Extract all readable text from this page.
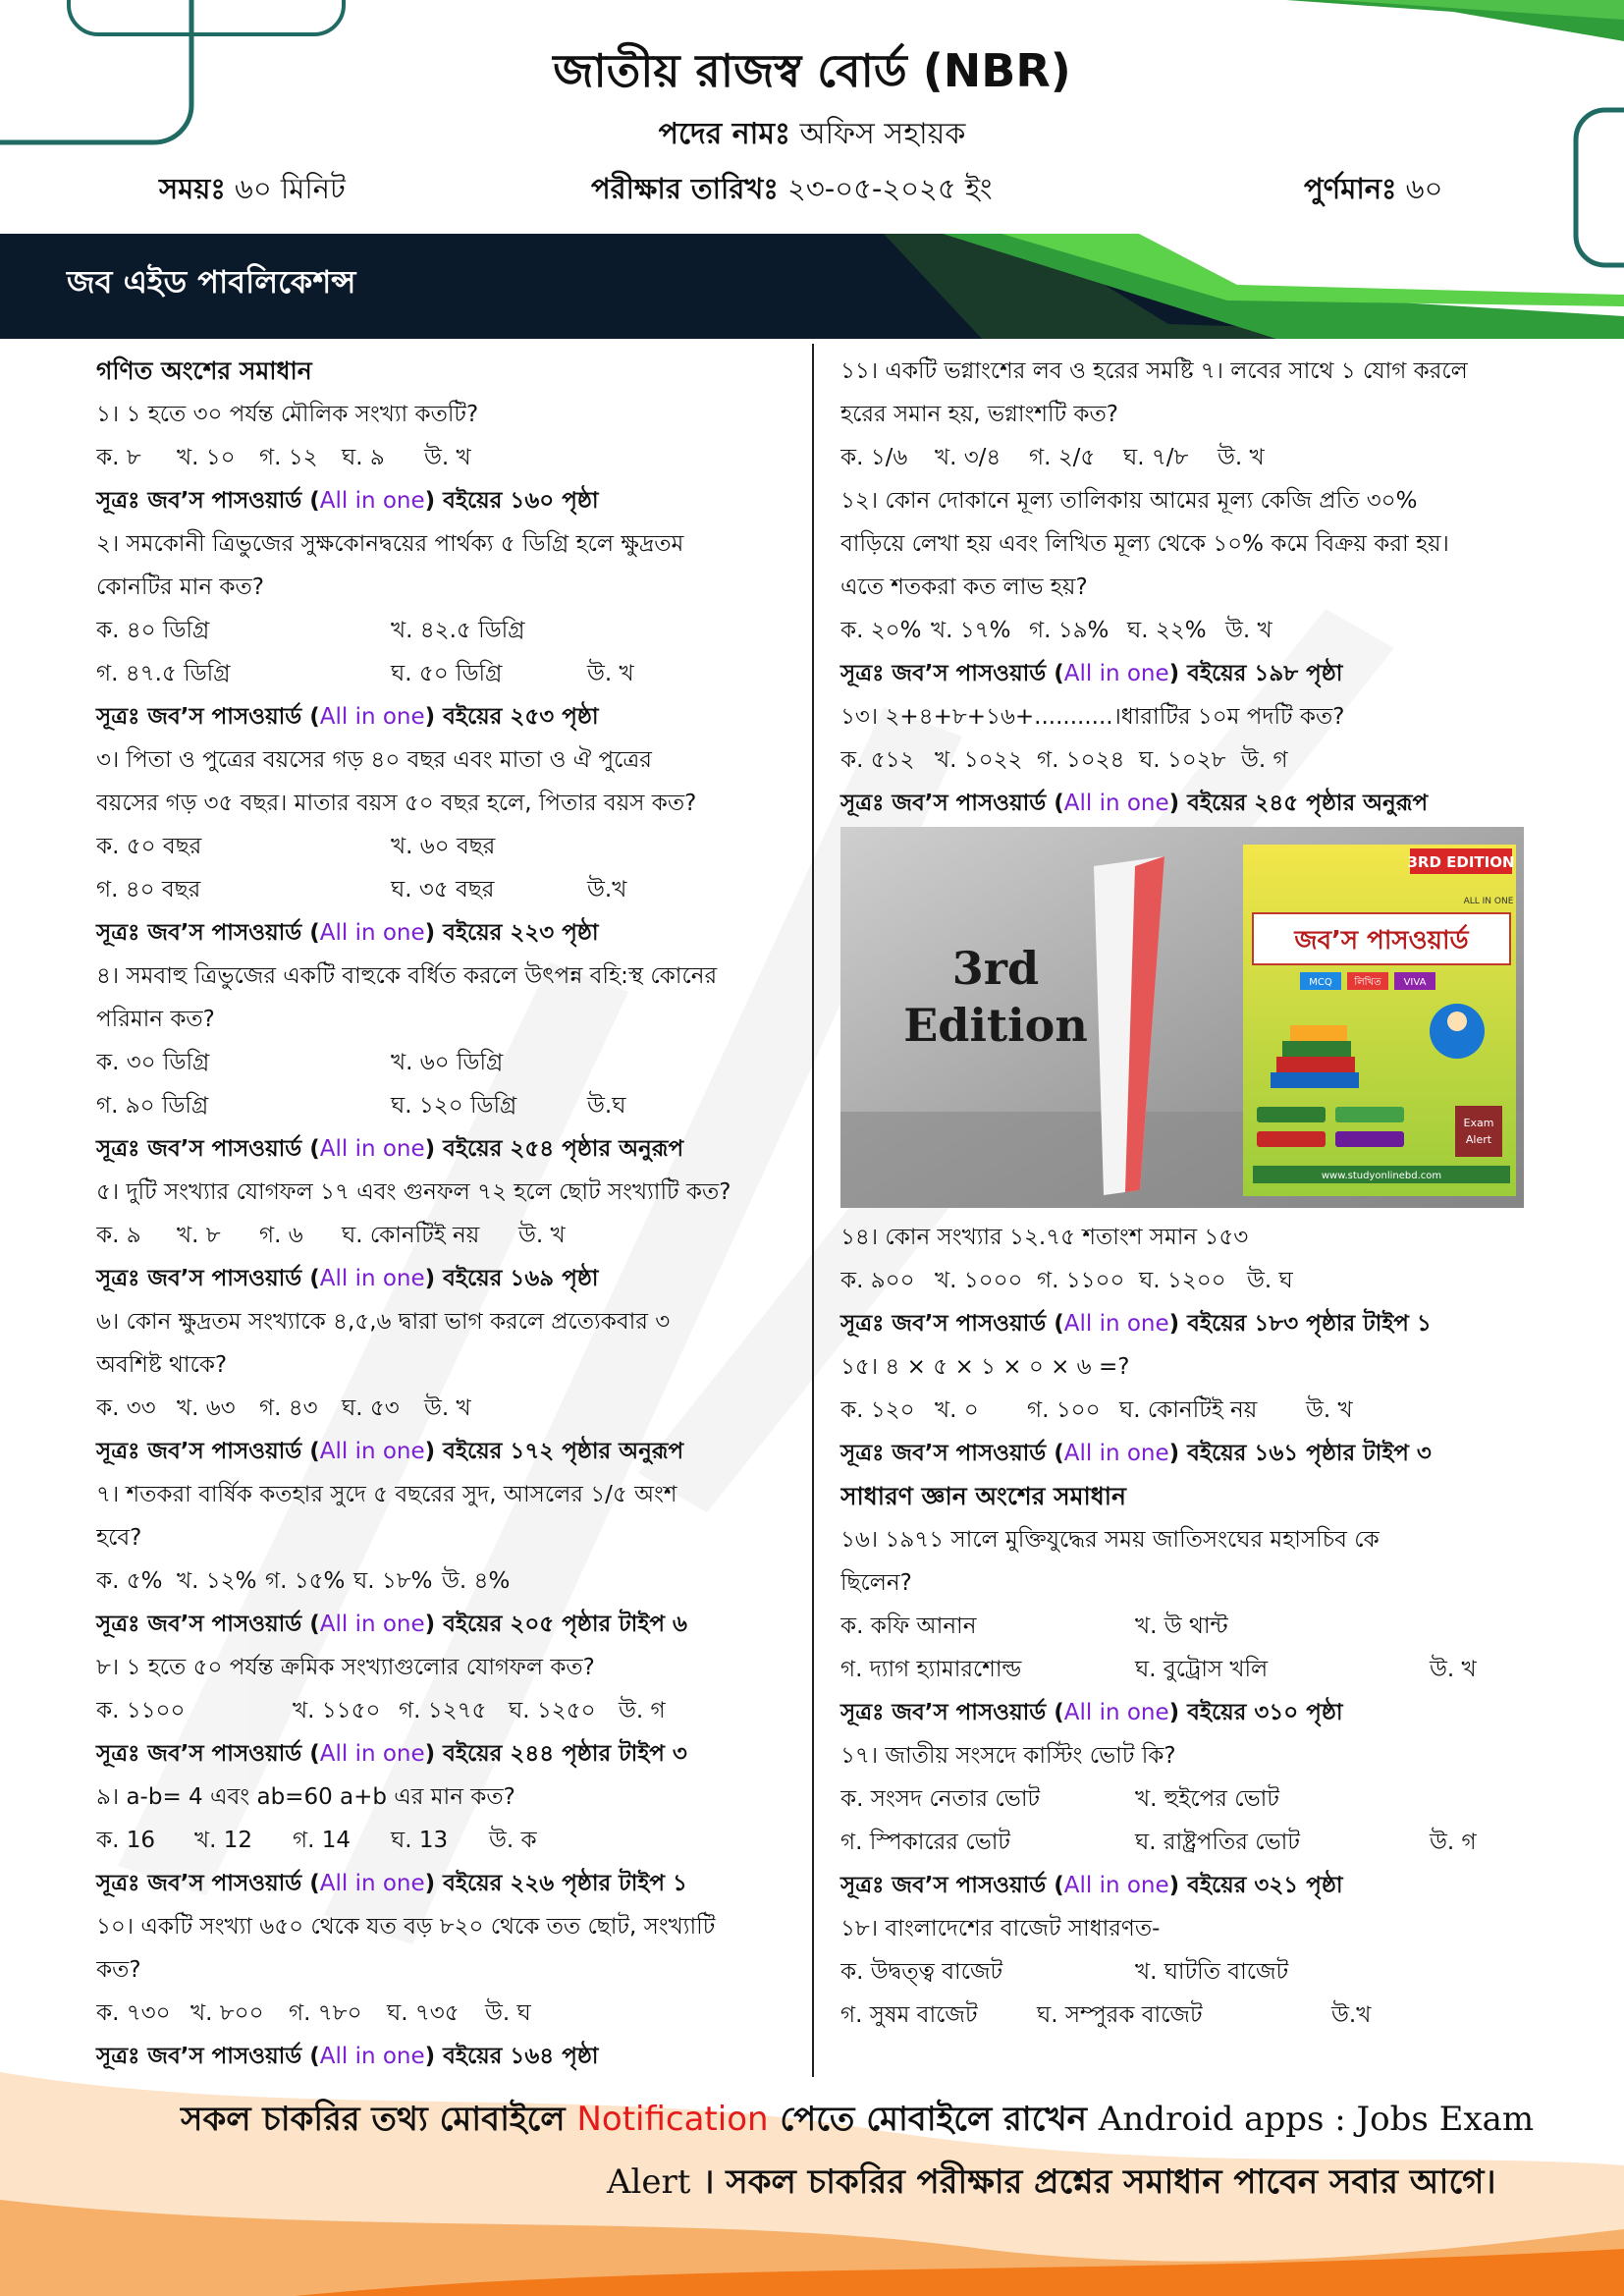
জাতীয় রাজস্ব বোর্ড (NBR)
পদের নামঃ অফিস সহায়ক
সময়ঃ ৬০ মিনিট	পরীক্ষার তারিখঃ ২৩-০৫-২০২৫ ইং	পুর্ণমানঃ ৬০
জব এইড পাবলিকেশন্স
গণিত অংশের সমাধান
১। ১ হতে ৩০ পর্যন্ত মৌলিক সংখ্যা কতটি?
ক. ৮ খ. ১০ গ. ১২ ঘ. ৯ উ. খ
সূত্রঃ জব’স পাসওয়ার্ড (All in one) বইয়ের ১৬০ পৃষ্ঠা
২। সমকোনী ত্রিভুজের সুক্ষকোনদ্বয়ের পার্থক্য ৫ ডিগ্রি হলে ক্ষুদ্রতম
কোনটির মান কত?
ক. ৪০ ডিগ্রি	খ. ৪২.৫ ডিগ্রি
গ. ৪৭.৫ ডিগ্রি	ঘ. ৫০ ডিগ্রি	উ. খ
সূত্রঃ জব’স পাসওয়ার্ড (All in one) বইয়ের ২৫৩ পৃষ্ঠা
৩। পিতা ও পুত্রের বয়সের গড় ৪০ বছর এবং মাতা ও ঐ পুত্রের
বয়সের গড় ৩৫ বছর। মাতার বয়স ৫০ বছর হলে, পিতার বয়স কত?
ক. ৫০ বছর	খ. ৬০ বছর
গ. ৪০ বছর	ঘ. ৩৫ বছর	উ.খ
সূত্রঃ জব’স পাসওয়ার্ড (All in one) বইয়ের ২২৩ পৃষ্ঠা
৪। সমবাহু ত্রিভুজের একটি বাহুকে বর্ধিত করলে উৎপন্ন বহি:স্থ কোনের
পরিমান কত?
ক. ৩০ ডিগ্রি	খ. ৬০ ডিগ্রি
গ. ৯০ ডিগ্রি	ঘ. ১২০ ডিগ্রি	উ.ঘ
সূত্রঃ জব’স পাসওয়ার্ড (All in one) বইয়ের ২৫৪ পৃষ্ঠার অনুরূপ
৫। দুটি সংখ্যার যোগফল ১৭ এবং গুনফল ৭২ হলে ছোট সংখ্যাটি কত?
ক. ৯ খ. ৮ গ. ৬ ঘ. কোনটিই নয় উ. খ
সূত্রঃ জব’স পাসওয়ার্ড (All in one) বইয়ের ১৬৯ পৃষ্ঠা
৬। কোন ক্ষুদ্রতম সংখ্যাকে ৪,৫,৬ দ্বারা ভাগ করলে প্রত্যেকবার ৩
অবশিষ্ট থাকে?
ক. ৩৩ খ. ৬৩ গ. ৪৩ ঘ. ৫৩ উ. খ
সূত্রঃ জব’স পাসওয়ার্ড (All in one) বইয়ের ১৭২ পৃষ্ঠার অনুরূপ
৭। শতকরা বার্ষিক কতহার সুদে ৫ বছরের সুদ, আসলের ১/৫ অংশ
হবে?
ক. ৫% খ. ১২% গ. ১৫% ঘ. ১৮% উ. ৪%
সূত্রঃ জব’স পাসওয়ার্ড (All in one) বইয়ের ২০৫ পৃষ্ঠার টাইপ ৬
৮। ১ হতে ৫০ পর্যন্ত ক্রমিক সংখ্যাগুলোর যোগফল কত?
ক. ১১০০	খ. ১১৫০ গ. ১২৭৫ ঘ. ১২৫০ উ. গ
সূত্রঃ জব’স পাসওয়ার্ড (All in one) বইয়ের ২৪৪ পৃষ্ঠার টাইপ ৩
৯। a-b= 4 এবং ab=60 a+b এর মান কত?
ক. 16 খ. 12 গ. 14 ঘ. 13 উ. ক
সূত্রঃ জব’স পাসওয়ার্ড (All in one) বইয়ের ২২৬ পৃষ্ঠার টাইপ ১
১০। একটি সংখ্যা ৬৫০ থেকে যত বড় ৮২০ থেকে তত ছোট, সংখ্যাটি
কত?
ক. ৭৩০ খ. ৮০০ গ. ৭৮০ ঘ. ৭৩৫ উ. ঘ
সূত্রঃ জব’স পাসওয়ার্ড (All in one) বইয়ের ১৬৪ পৃষ্ঠা
১১। একটি ভগ্নাংশের লব ও হরের সমষ্টি ৭। লবের সাথে ১ যোগ করলে
হরের সমান হয়, ভগ্নাংশটি কত?
ক. ১/৬ খ. ৩/৪ গ. ২/৫ ঘ. ৭/৮ উ. খ
১২। কোন দোকানে মূল্য তালিকায় আমের মূল্য কেজি প্রতি ৩০%
বাড়িয়ে লেখা হয় এবং লিখিত মূল্য থেকে ১০% কমে বিক্রয় করা হয়।
এতে শতকরা কত লাভ হয়?
ক. ২০% খ. ১৭% গ. ১৯% ঘ. ২২% উ. খ
সূত্রঃ জব’স পাসওয়ার্ড (All in one) বইয়ের ১৯৮ পৃষ্ঠা
১৩। ২+৪+৮+১৬+...........।ধারাটির ১০ম পদটি কত?
ক. ৫১২ খ. ১০২২ গ. ১০২৪ ঘ. ১০২৮ উ. গ
সূত্রঃ জব’স পাসওয়ার্ড (All in one) বইয়ের ২৪৫ পৃষ্ঠার অনুরূপ
3rd
Edition
3RD EDITION
ALL IN ONE
জব’স পাসওয়ার্ড
MCQ লিখিত VIVA
Exam
Alert
www.studyonlinebd.com
১৪। কোন সংখ্যার ১২.৭৫ শতাংশ সমান ১৫৩
ক. ৯০০ খ. ১০০০ গ. ১১০০ ঘ. ১২০০ উ. ঘ
সূত্রঃ জব’স পাসওয়ার্ড (All in one) বইয়ের ১৮৩ পৃষ্ঠার টাইপ ১
১৫। ৪ × ৫ × ১ × ০ × ৬ =?
ক. ১২০ খ. ০ গ. ১০০ ঘ. কোনটিই নয় উ. খ
সূত্রঃ জব’স পাসওয়ার্ড (All in one) বইয়ের ১৬১ পৃষ্ঠার টাইপ ৩
সাধারণ জ্ঞান অংশের সমাধান
১৬। ১৯৭১ সালে মুক্তিযুদ্ধের সময় জাতিসংঘের মহাসচিব কে
ছিলেন?
ক. কফি আনান	খ. উ থান্ট
গ. দ্যাগ হ্যামারশোল্ড	ঘ. বুট্রোস খলি	উ. খ
সূত্রঃ জব’স পাসওয়ার্ড (All in one) বইয়ের ৩১০ পৃষ্ঠা
১৭। জাতীয় সংসদে কাস্টিং ভোট কি?
ক. সংসদ নেতার ভোট	খ. হুইপের ভোট
গ. স্পিকারের ভোট	ঘ. রাষ্ট্রপতির ভোট	উ. গ
সূত্রঃ জব’স পাসওয়ার্ড (All in one) বইয়ের ৩২১ পৃষ্ঠা
১৮। বাংলাদেশের বাজেট সাধারণত-
ক. উদ্বত্ত্ব বাজেট	খ. ঘাটতি বাজেট
গ. সুষম বাজেট	ঘ. সম্পুরক বাজেট	উ.খ
সকল চাকরির তথ্য মোবাইলে Notification পেতে মোবাইলে রাখেন Android apps : Jobs Exam
Alert । সকল চাকরির পরীক্ষার প্রশ্নের সমাধান পাবেন সবার আগে।
